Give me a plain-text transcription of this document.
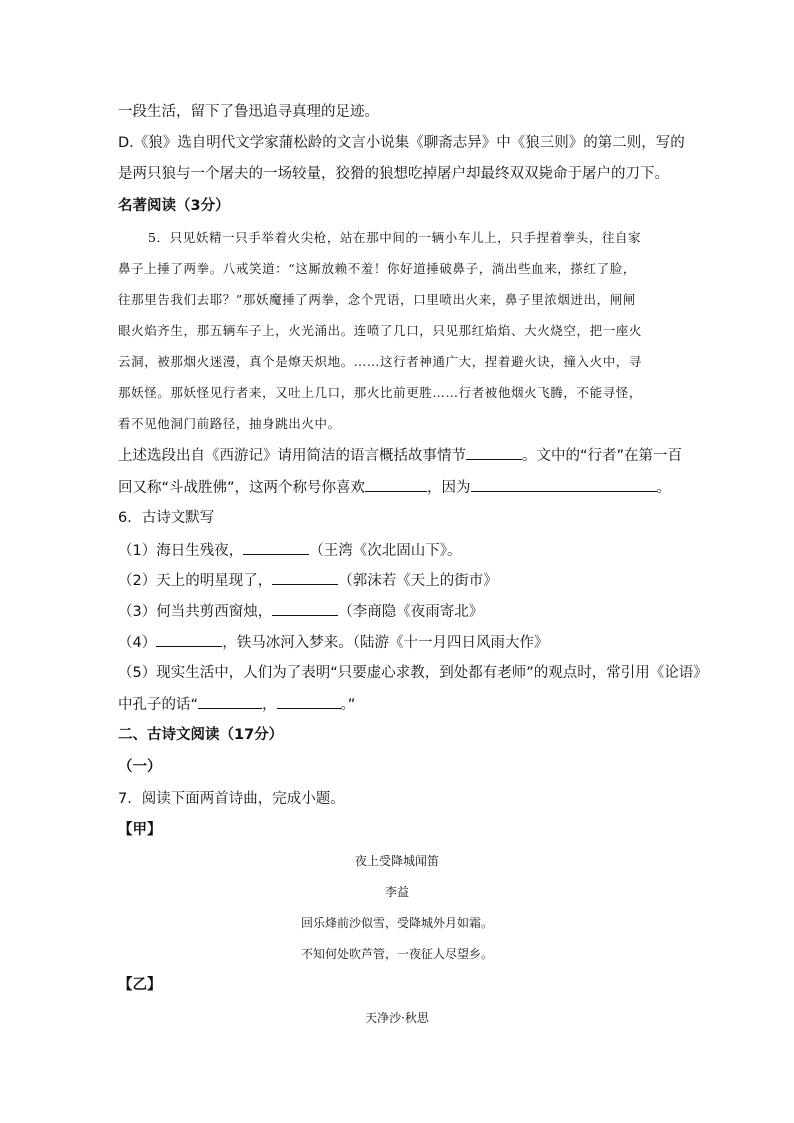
一段生活，留下了鲁迅追寻真理的足迹。
D.《狼》选自明代文学家蒲松龄的文言小说集《聊斋志异》中《狼三则》的第二则，写的
是两只狼与一个屠夫的一场较量，狡猾的狼想吃掉屠户却最终双双毙命于屠户的刀下。
名著阅读（3分）
5．只见妖精一只手举着火尖枪，站在那中间的一辆小车儿上，只手捏着拳头，往自家
鼻子上捶了两拳。八戒笑道：“这厮放赖不羞！你好道捶破鼻子，淌出些血来，搽红了脸，
往那里告我们去耶？”那妖魔捶了两拳，念个咒语，口里喷出火来，鼻子里浓烟迸出，闸闸
眼火焰齐生，那五辆车子上，火光涌出。连喷了几口，只见那红焰焰、大火烧空，把一座火
云洞，被那烟火迷漫，真个是燎天炽地。……这行者神通广大，捏着避火诀，撞入火中，寻
那妖怪。那妖怪见行者来，又吐上几口，那火比前更胜……行者被他烟火飞腾，不能寻怪，
看不见他洞门前路径，抽身跳出火中。
上述选段出自《西游记》请用简洁的语言概括故事情节	。文中的“行者”在第一百
回又称“斗战胜佛”，这两个称号你喜欢	，因为	。
6．古诗文默写
（1）海日生残夜，	（王湾《次北固山下》。
（2）天上的明星现了，	（郭沫若《天上的街市》
（3）何当共剪西窗烛，	（李商隐《夜雨寄北》
（4）	，铁马冰河入梦来。（陆游《十一月四日风雨大作》
（5）现实生活中，人们为了表明“只要虚心求教，到处都有老师”的观点时，常引用《论语》
中孔子的话“	，	。”
二、古诗文阅读（17分）
（一）
7．阅读下面两首诗曲，完成小题。
【甲】
夜上受降城闻笛
李益
回乐烽前沙似雪，受降城外月如霜。
不知何处吹芦管，一夜征人尽望乡。
【乙】
天净沙·秋思
